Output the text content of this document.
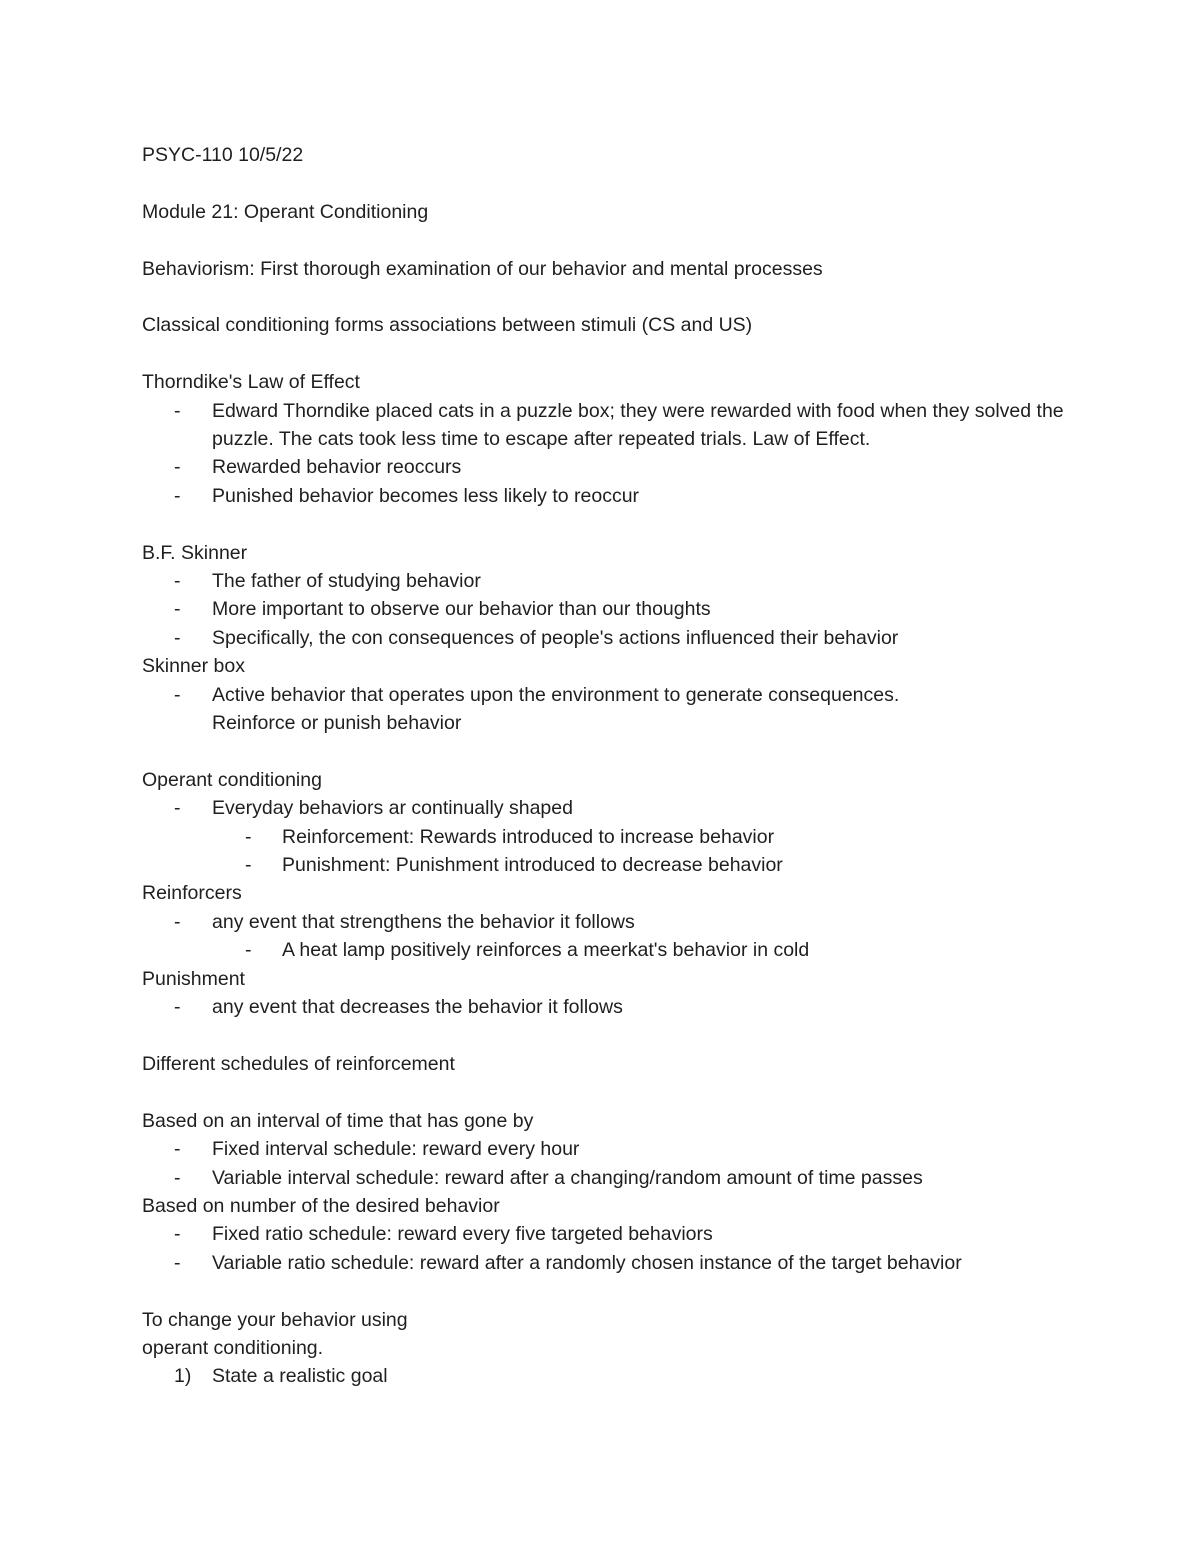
PSYC-110 10/5/22
Module 21: Operant Conditioning
Behaviorism: First thorough examination of our behavior and mental processes
Classical conditioning forms associations between stimuli (CS and US)
Thorndike's Law of Effect
- Edward Thorndike placed cats in a puzzle box; they were rewarded with food when they solved the puzzle. The cats took less time to escape after repeated trials. Law of Effect.
- Rewarded behavior reoccurs
- Punished behavior becomes less likely to reoccur
B.F. Skinner
- The father of studying behavior
- More important to observe our behavior than our thoughts
- Specifically, the con consequences of people's actions influenced their behavior
Skinner box
- Active behavior that operates upon the environment to generate consequences. Reinforce or punish behavior
Operant conditioning
- Everyday behaviors ar continually shaped
- Reinforcement: Rewards introduced to increase behavior
- Punishment: Punishment introduced to decrease behavior
Reinforcers
- any event that strengthens the behavior it follows
- A heat lamp positively reinforces a meerkat's behavior in cold
Punishment
- any event that decreases the behavior it follows
Different schedules of reinforcement
Based on an interval of time that has gone by
- Fixed interval schedule: reward every hour
- Variable interval schedule: reward after a changing/random amount of time passes
Based on number of the desired behavior
- Fixed ratio schedule: reward every five targeted behaviors
- Variable ratio schedule: reward after a randomly chosen instance of the target behavior
To change your behavior using
operant conditioning.
1) State a realistic goal
